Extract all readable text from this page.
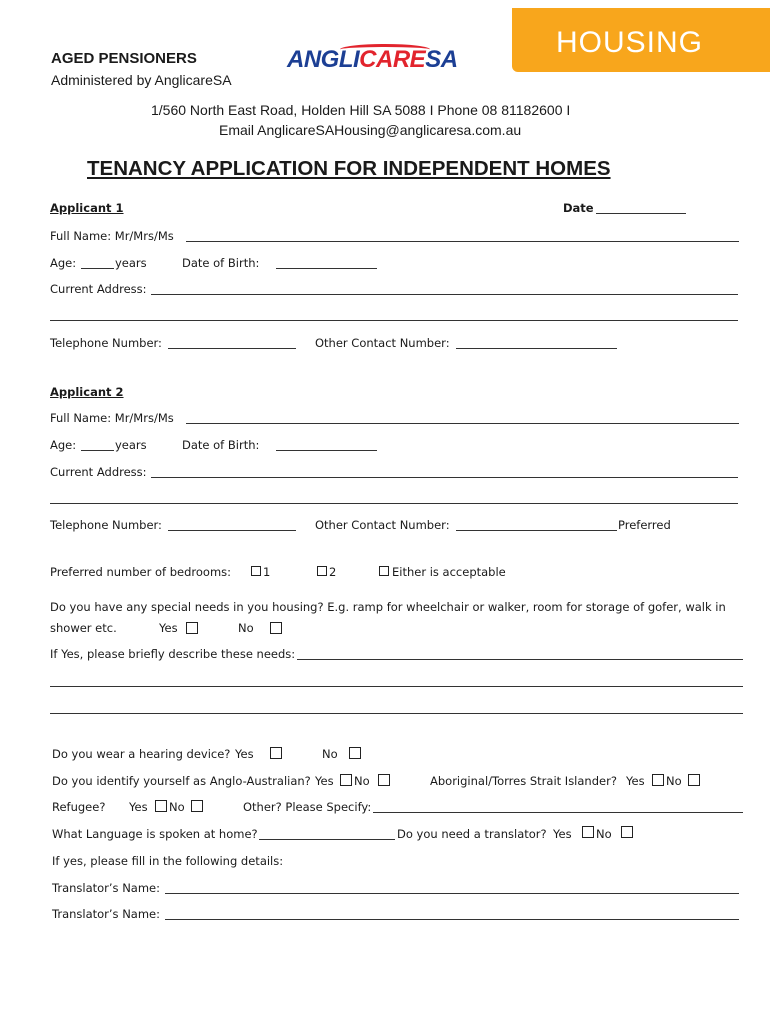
HOUSING
AGED PENSIONERS
Administered by AnglicareSA
ANGLICARESA
1/560 North East Road, Holden Hill SA 5088 I Phone 08 81182600 I
Email AnglicareSAHousing@anglicaresa.com.au
TENANCY APPLICATION FOR INDEPENDENT HOMES
Applicant 1	Date
Full Name: Mr/Mrs/Ms
Age:	years	Date of Birth:
Current Address:
Telephone Number:	Other Contact Number:
Applicant 2
Full Name: Mr/Mrs/Ms
Age:	years	Date of Birth:
Current Address:
Telephone Number:	Other Contact Number:	Preferred
Preferred number of bedrooms:	1	2	Either is acceptable
Do you have any special needs in you housing? E.g. ramp for wheelchair or walker, room for storage of gofer, walk in
shower etc.	Yes	No
If Yes, please briefly describe these needs:
Do you wear a hearing device? Yes	No
Do you identify yourself as Anglo-Australian? Yes No	Aboriginal/Torres Strait Islander? Yes No
Refugee? Yes No	Other? Please Specify:
What Language is spoken at home?	Do you need a translator? Yes No
If yes, please fill in the following details:
Translator’s Name:
Translator’s Name:
